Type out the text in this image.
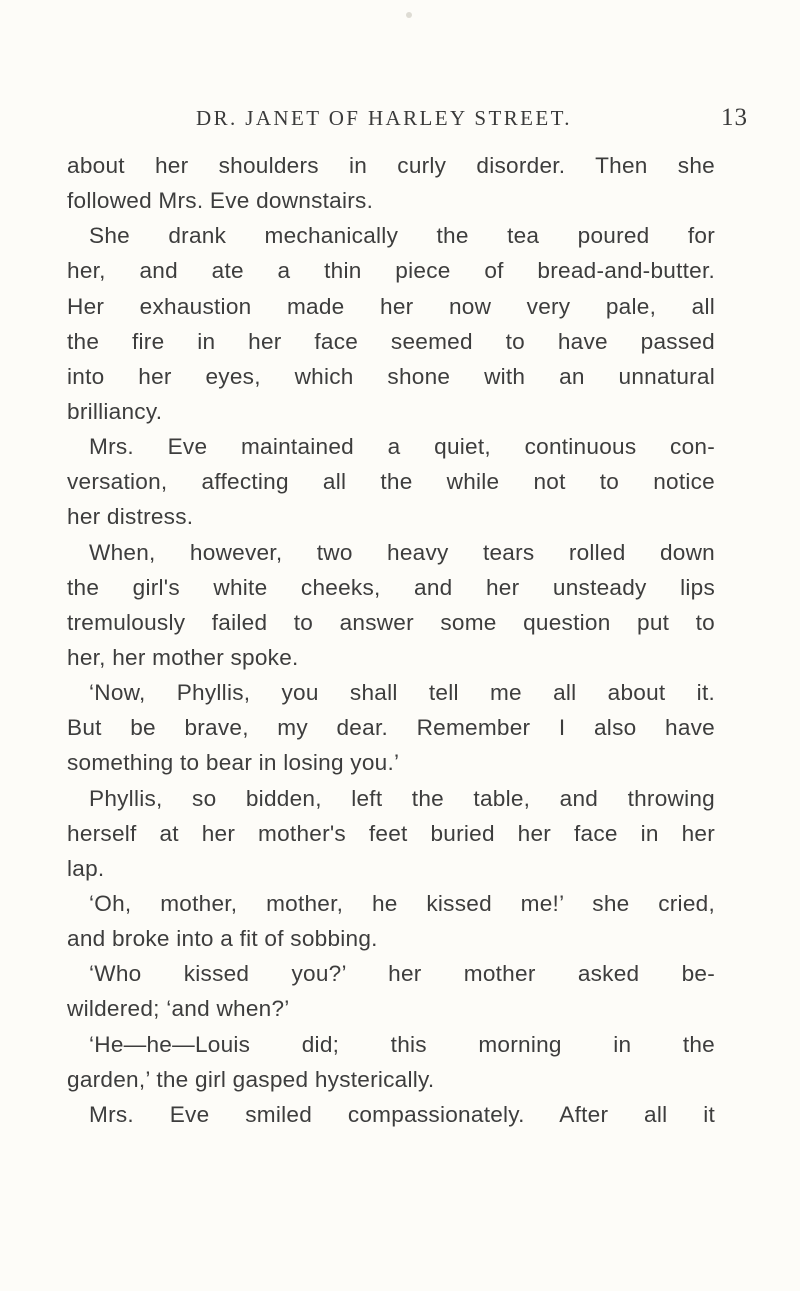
DR. JANET OF HARLEY STREET.	13
about her shoulders in curly disorder. Then she
followed Mrs. Eve downstairs.
She drank mechanically the tea poured for
her, and ate a thin piece of bread-and-butter.
Her exhaustion made her now very pale, all
the fire in her face seemed to have passed
into her eyes, which shone with an unnatural
brilliancy.
Mrs. Eve maintained a quiet, continuous con-
versation, affecting all the while not to notice
her distress.
When, however, two heavy tears rolled down
the girl's white cheeks, and her unsteady lips
tremulously failed to answer some question put to
her, her mother spoke.
‘Now, Phyllis, you shall tell me all about it.
But be brave, my dear. Remember I also have
something to bear in losing you.’
Phyllis, so bidden, left the table, and throwing
herself at her mother's feet buried her face in her
lap.
‘Oh, mother, mother, he kissed me!’ she cried,
and broke into a fit of sobbing.
‘Who kissed you?’ her mother asked be-
wildered; ‘and when?’
‘He—he—Louis did; this morning in the
garden,’ the girl gasped hysterically.
Mrs. Eve smiled compassionately. After all it
